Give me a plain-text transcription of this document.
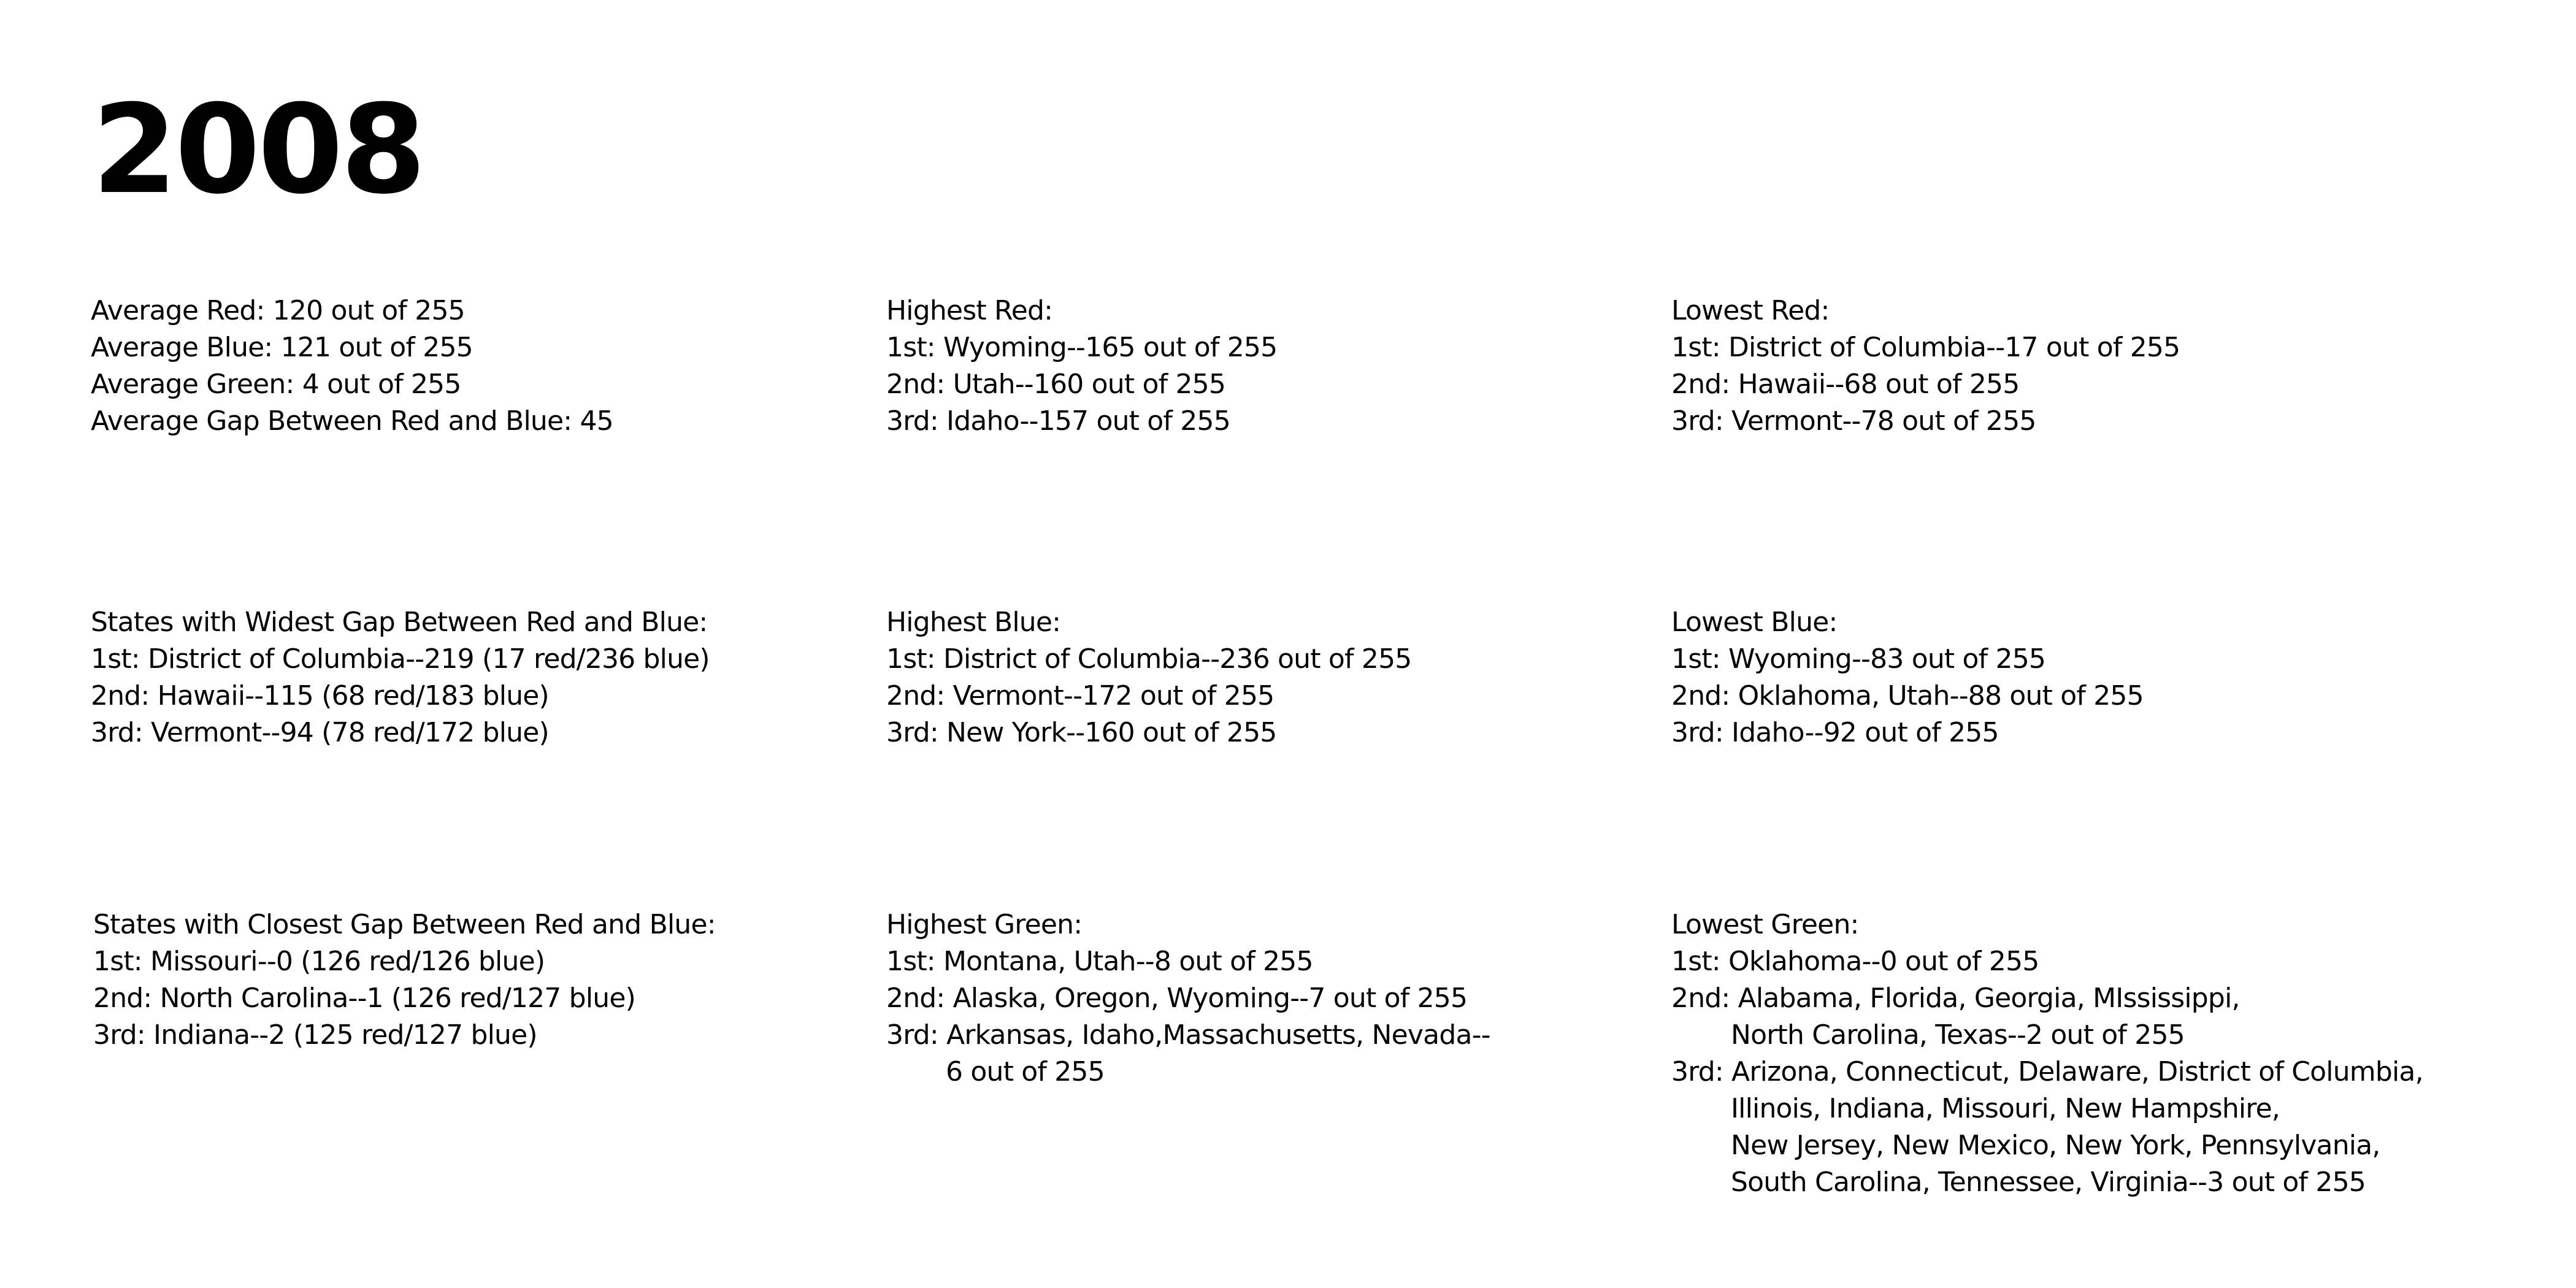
2008
Average Red: 120 out of 255
Average Blue: 121 out of 255
Average Green: 4 out of 255
Average Gap Between Red and Blue: 45
Highest Red:
1st: Wyoming--165 out of 255
2nd: Utah--160 out of 255
3rd: Idaho--157 out of 255
Lowest Red:
1st: District of Columbia--17 out of 255
2nd: Hawaii--68 out of 255
3rd: Vermont--78 out of 255
States with Widest Gap Between Red and Blue:
1st: District of Columbia--219 (17 red/236 blue)
2nd: Hawaii--115 (68 red/183 blue)
3rd: Vermont--94 (78 red/172 blue)
Highest Blue:
1st: District of Columbia--236 out of 255
2nd: Vermont--172 out of 255
3rd: New York--160 out of 255
Lowest Blue:
1st: Wyoming--83 out of 255
2nd: Oklahoma, Utah--88 out of 255
3rd: Idaho--92 out of 255
States with Closest Gap Between Red and Blue:
1st: Missouri--0 (126 red/126 blue)
2nd: North Carolina--1 (126 red/127 blue)
3rd: Indiana--2 (125 red/127 blue)
Highest Green:
1st: Montana, Utah--8 out of 255
2nd: Alaska, Oregon, Wyoming--7 out of 255
3rd: Arkansas, Idaho,Massachusetts, Nevada--
6 out of 255
Lowest Green:
1st: Oklahoma--0 out of 255
2nd: Alabama, Florida, Georgia, MIssissippi,
North Carolina, Texas--2 out of 255
3rd: Arizona, Connecticut, Delaware, District of Columbia,
Illinois, Indiana, Missouri, New Hampshire,
New Jersey, New Mexico, New York, Pennsylvania,
South Carolina, Tennessee, Virginia--3 out of 255
